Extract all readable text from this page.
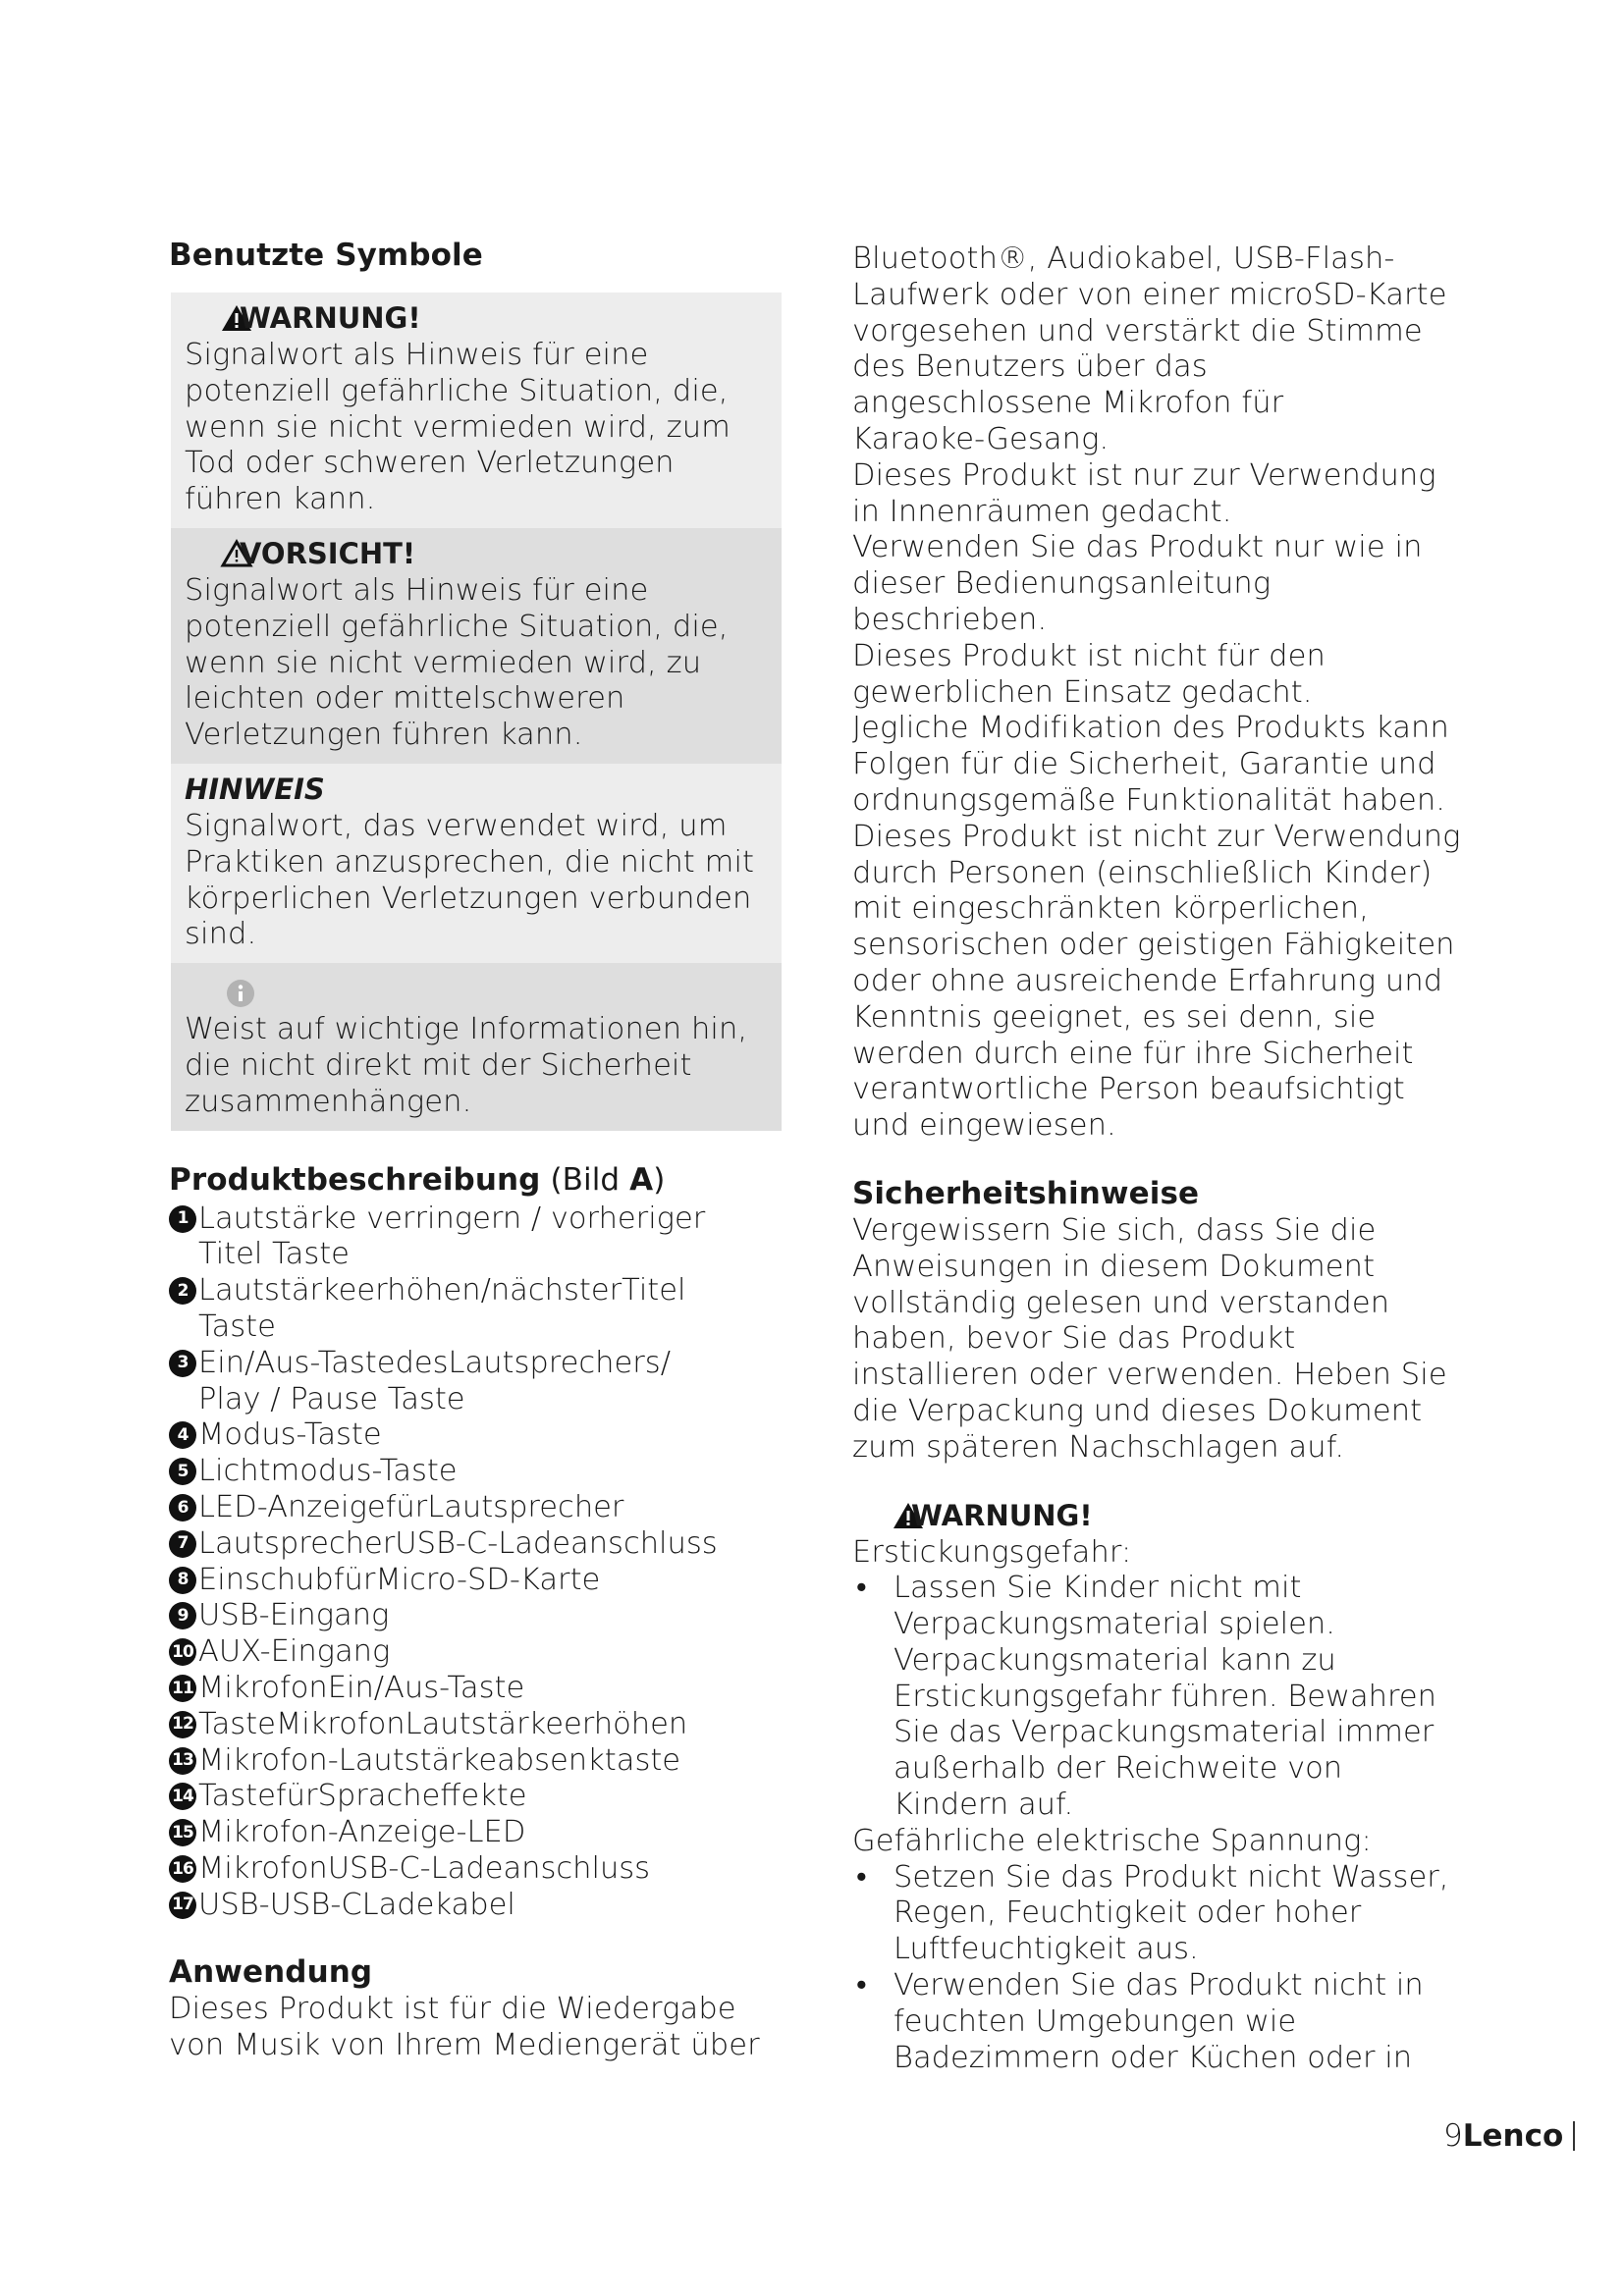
Benutzte Symbole
WARNUNG!
Signalwort als Hinweis für eine
potenziell gefährliche Situation, die,
wenn sie nicht vermieden wird, zum
Tod oder schweren Verletzungen
führen kann.
VORSICHT!
Signalwort als Hinweis für eine
potenziell gefährliche Situation, die,
wenn sie nicht vermieden wird, zu
leichten oder mittelschweren
Verletzungen führen kann.
HINWEIS
Signalwort, das verwendet wird, um
Praktiken anzusprechen, die nicht mit
körperlichen Verletzungen verbunden
sind.
Weist auf wichtige Informationen hin,
die nicht direkt mit der Sicherheit
zusammenhängen.
Produktbeschreibung (Bild A)
1 Lautstärke verringern / vorheriger
Titel Taste
2 Lautstärkeerhöhen/nächsterTitel
Taste
3 Ein/Aus-TastedesLautsprechers/
Play / Pause Taste
4 Modus-Taste
5 Lichtmodus-Taste
6 LED-AnzeigefürLautsprecher
7 LautsprecherUSB-C-Ladeanschluss
8 EinschubfürMicro-SD-Karte
9 USB-Eingang
10 AUX-Eingang
11 MikrofonEin/Aus-Taste
12 TasteMikrofonLautstärkeerhöhen
13 Mikrofon-Lautstärkeabsenktaste
14 TastefürSpracheffekte
15 Mikrofon-Anzeige-LED
16 MikrofonUSB-C-Ladeanschluss
17 USB-USB-CLadekabel
Anwendung
Dieses Produkt ist für die Wiedergabe
von Musik von Ihrem Mediengerät über
Bluetooth®, Audiokabel, USB-Flash-
Laufwerk oder von einer microSD-Karte
vorgesehen und verstärkt die Stimme
des Benutzers über das
angeschlossene Mikrofon für
Karaoke-Gesang.
Dieses Produkt ist nur zur Verwendung
in Innenräumen gedacht.
Verwenden Sie das Produkt nur wie in
dieser Bedienungsanleitung
beschrieben.
Dieses Produkt ist nicht für den
gewerblichen Einsatz gedacht.
Jegliche Modifikation des Produkts kann
Folgen für die Sicherheit, Garantie und
ordnungsgemäße Funktionalität haben.
Dieses Produkt ist nicht zur Verwendung
durch Personen (einschließlich Kinder)
mit eingeschränkten körperlichen,
sensorischen oder geistigen Fähigkeiten
oder ohne ausreichende Erfahrung und
Kenntnis geeignet, es sei denn, sie
werden durch eine für ihre Sicherheit
verantwortliche Person beaufsichtigt
und eingewiesen.
Sicherheitshinweise
Vergewissern Sie sich, dass Sie die
Anweisungen in diesem Dokument
vollständig gelesen und verstanden
haben, bevor Sie das Produkt
installieren oder verwenden. Heben Sie
die Verpackung und dieses Dokument
zum späteren Nachschlagen auf.
WARNUNG!
Erstickungsgefahr:
• Lassen Sie Kinder nicht mit
Verpackungsmaterial spielen.
Verpackungsmaterial kann zu
Erstickungsgefahr führen. Bewahren
Sie das Verpackungsmaterial immer
außerhalb der Reichweite von
Kindern auf.
Gefährliche elektrische Spannung:
• Setzen Sie das Produkt nicht Wasser,
Regen, Feuchtigkeit oder hoher
Luftfeuchtigkeit aus.
• Verwenden Sie das Produkt nicht in
feuchten Umgebungen wie
Badezimmern oder Küchen oder in
9 Lenco
